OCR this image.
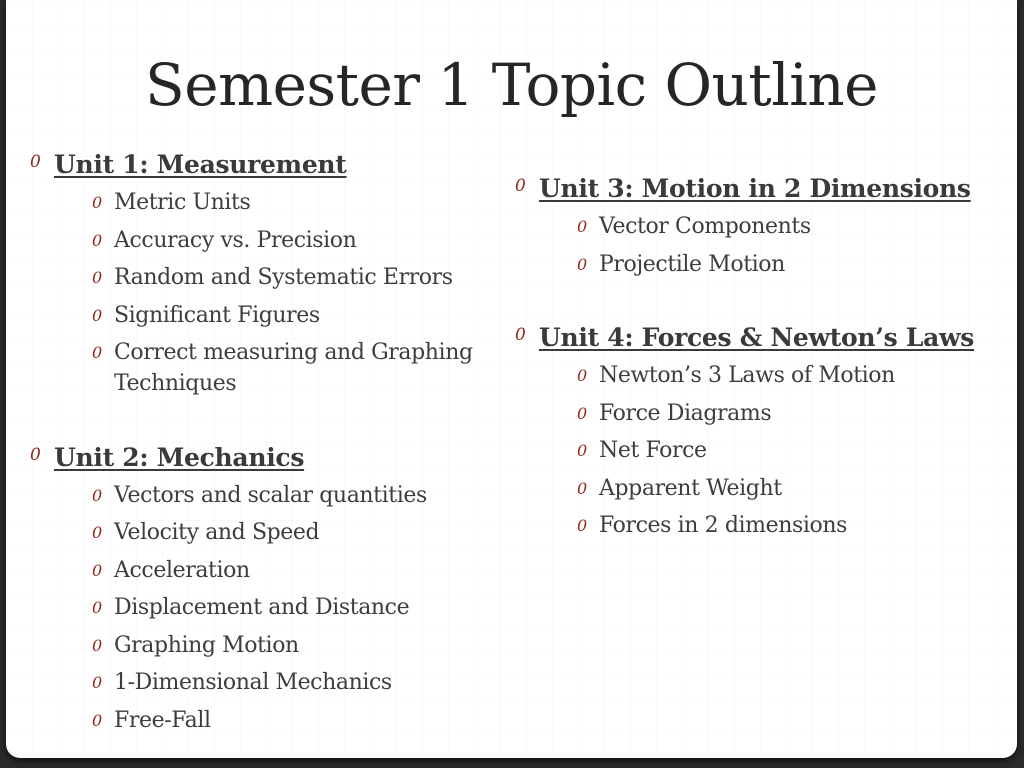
Semester 1 Topic Outline
0 Unit 1: Measurement
0 Metric Units
0 Accuracy vs. Precision
0 Random and Systematic Errors
0 Significant Figures
0 Correct measuring and Graphing Techniques
0 Unit 2: Mechanics
0 Vectors and scalar quantities
0 Velocity and Speed
0 Acceleration
0 Displacement and Distance
0 Graphing Motion
0 1-Dimensional Mechanics
0 Free-Fall
0 Unit 3: Motion in 2 Dimensions
0 Vector Components
0 Projectile Motion
0 Unit 4: Forces & Newton’s Laws
0 Newton’s 3 Laws of Motion
0 Force Diagrams
0 Net Force
0 Apparent Weight
0 Forces in 2 dimensions
